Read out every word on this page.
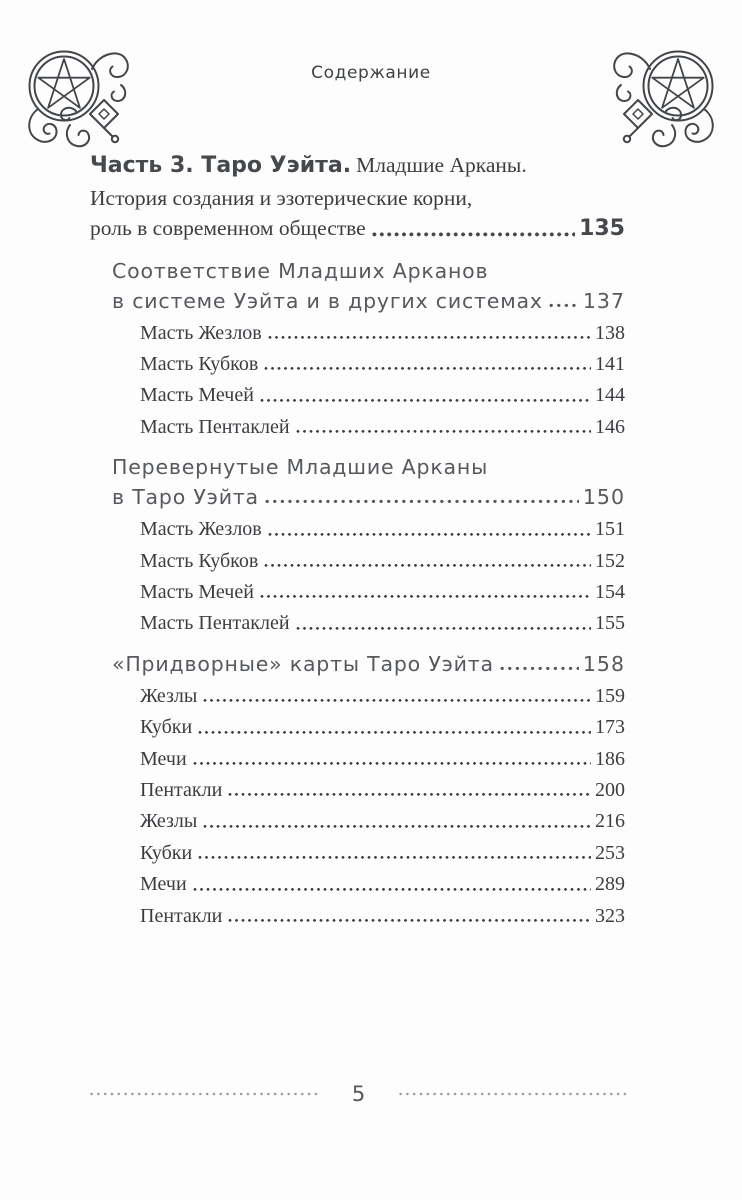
Содержание
Часть 3. Таро Уэйта. Младшие Арканы.
История создания и эзотерические корни,
роль в современном обществе	135
Соответствие Младших Арканов
в системе Уэйта и в других системах 137
Масть Жезлов	138
Масть Кубков	141
Масть Мечей	144
Масть Пентаклей	146
Перевернутые Младшие Арканы
в Таро Уэйта	150
Масть Жезлов	151
Масть Кубков	152
Масть Мечей	154
Масть Пентаклей	155
«Придворные» карты Таро Уэйта	158
Жезлы	159
Кубки	173
Мечи	186
Пентакли	200
Жезлы	216
Кубки	253
Мечи	289
Пентакли	323
5
